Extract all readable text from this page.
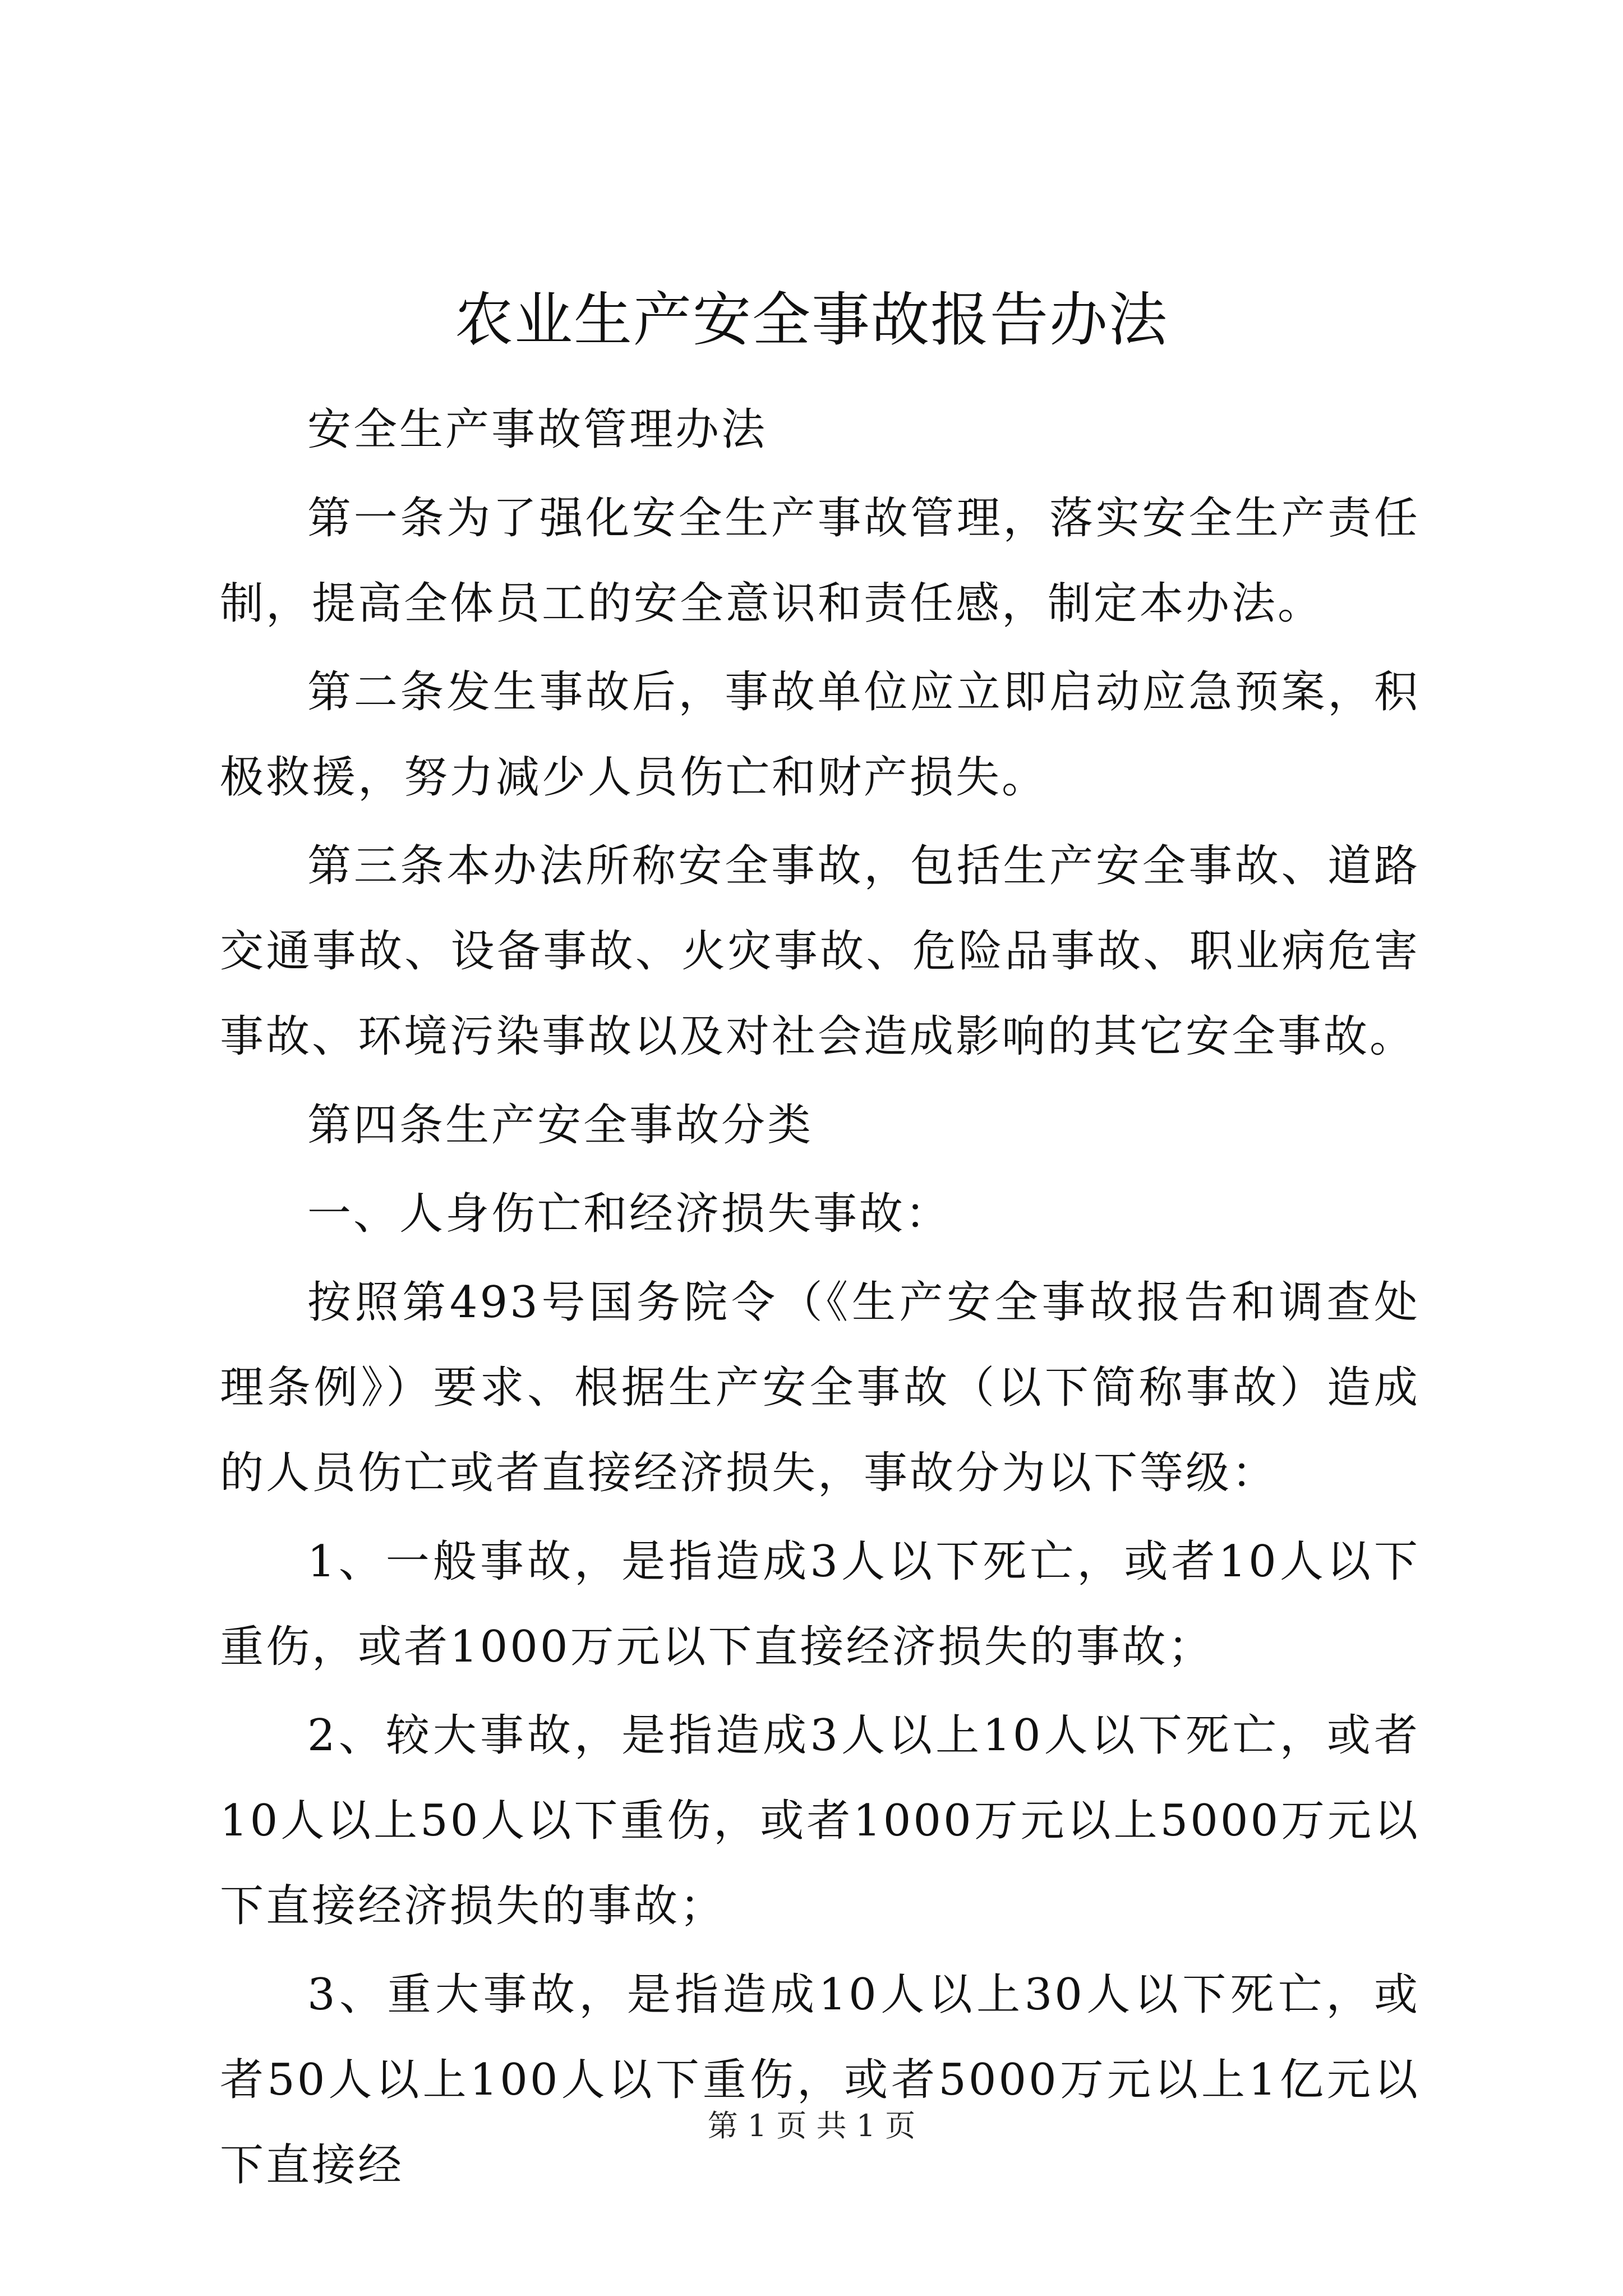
农业生产安全事故报告办法

安全生产事故管理办法

第一条为了强化安全生产事故管理，落实安全生产责任制，提高全体员工的安全意识和责任感，制定本办法。

第二条发生事故后，事故单位应立即启动应急预案，积极救援，努力减少人员伤亡和财产损失。

第三条本办法所称安全事故，包括生产安全事故、道路交通事故、设备事故、火灾事故、危险品事故、职业病危害事故、环境污染事故以及对社会造成影响的其它安全事故。

第四条生产安全事故分类

一、人身伤亡和经济损失事故：

按照第493号国务院令（《生产安全事故报告和调查处理条例》）要求、根据生产安全事故（以下简称事故）造成的人员伤亡或者直接经济损失，事故分为以下等级：

1、一般事故，是指造成3人以下死亡，或者10人以下重伤，或者1000万元以下直接经济损失的事故；

2、较大事故，是指造成3人以上10人以下死亡，或者10人以上50人以下重伤，或者1000万元以上5000万元以下直接经济损失的事故；

3、重大事故，是指造成10人以上30人以下死亡，或者50人以上100人以下重伤，或者5000万元以上1亿元以下直接经

第 1 页 共 1 页
